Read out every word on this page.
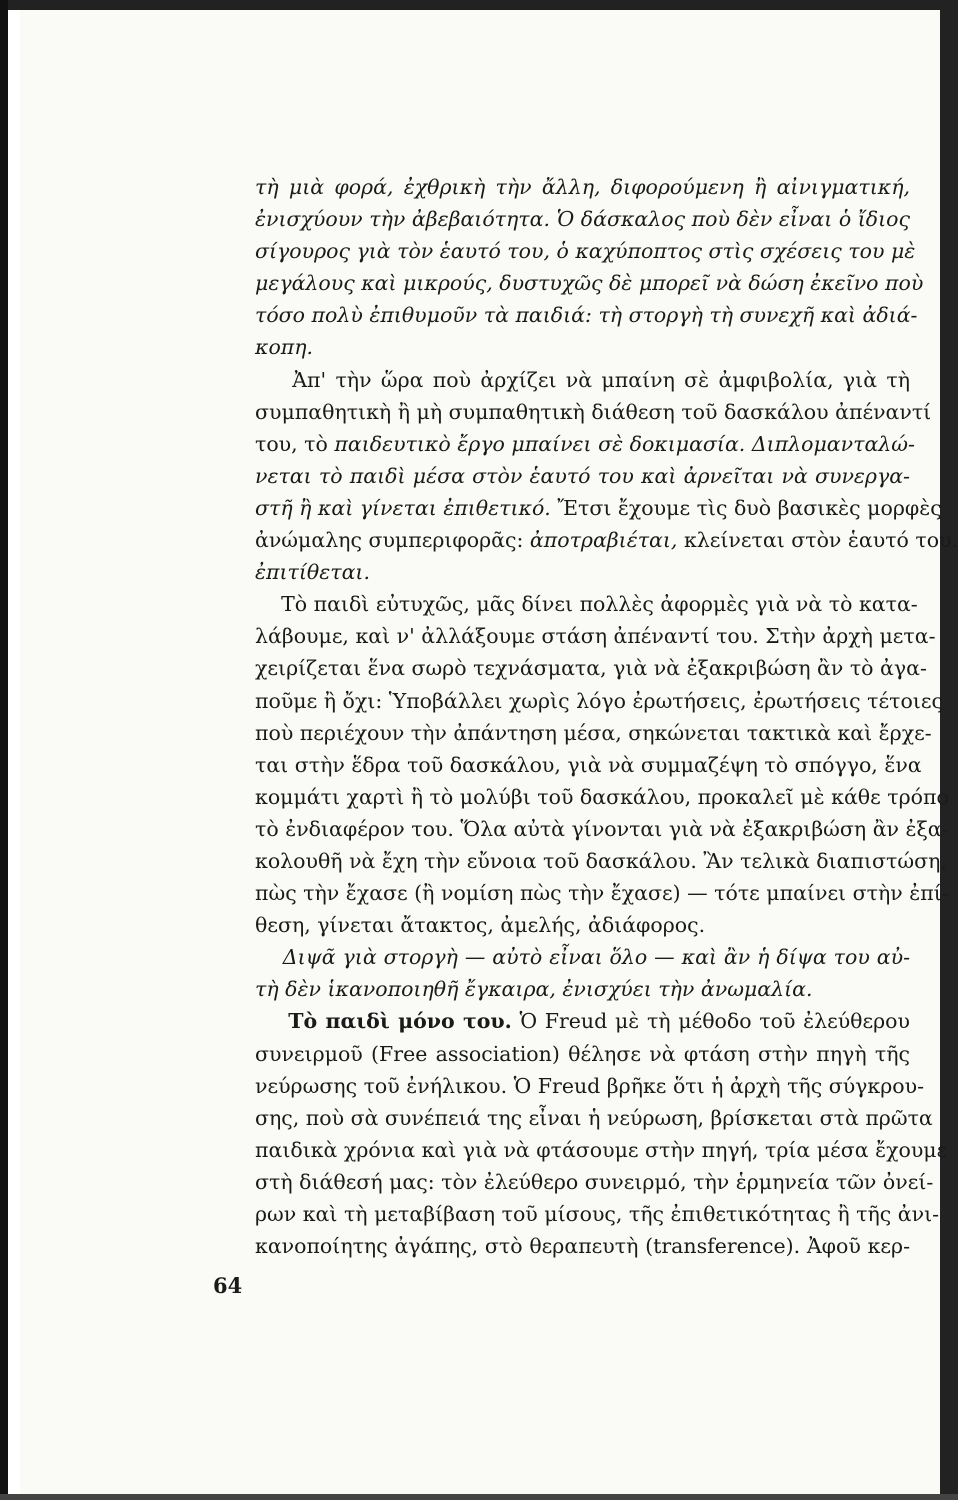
τὴ μιὰ φορά, ἐχθρικὴ τὴν ἄλλη, διφορούμενη ἢ αἰνιγματική,
ἐνισχύουν τὴν ἀβεβαιότητα. Ὁ δάσκαλος ποὺ δὲν εἶναι ὁ ἴδιος
σίγουρος γιὰ τὸν ἑαυτό του, ὁ καχύποπτος στὶς σχέσεις του μὲ
μεγάλους καὶ μικρούς, δυστυχῶς δὲ μπορεῖ νὰ δώση ἐκεῖνο ποὺ
τόσο πολὺ ἐπιθυμοῦν τὰ παιδιά: τὴ στοργὴ τὴ συνεχῆ καὶ ἀδιά-
κοπη.
Ἀπ' τὴν ὥρα ποὺ ἀρχίζει νὰ μπαίνη σὲ ἀμφιβολία, γιὰ τὴ
συμπαθητικὴ ἢ μὴ συμπαθητικὴ διάθεση τοῦ δασκάλου ἀπέναντί
του, τὸ παιδευτικὸ ἔργο μπαίνει σὲ δοκιμασία. Διπλομανταλώ-
νεται τὸ παιδὶ μέσα στὸν ἑαυτό του καὶ ἀρνεῖται νὰ συνεργα-
στῆ ἢ καὶ γίνεται ἐπιθετικό. Ἔτσι ἔχουμε τὶς δυὸ βασικὲς μορφὲς
ἀνώμαλης συμπεριφορᾶς: ἀποτραβιέται, κλείνεται στὸν ἑαυτό του.
ἐπιτίθεται.
Τὸ παιδὶ εὐτυχῶς, μᾶς δίνει πολλὲς ἀφορμὲς γιὰ νὰ τὸ κατα-
λάβουμε, καὶ ν' ἀλλάξουμε στάση ἀπέναντί του. Στὴν ἀρχὴ μετα-
χειρίζεται ἕνα σωρὸ τεχνάσματα, γιὰ νὰ ἐξακριβώση ἂν τὸ ἀγα-
ποῦμε ἢ ὄχι: Ὑποβάλλει χωρὶς λόγο ἐρωτήσεις, ἐρωτήσεις τέτοιες
ποὺ περιέχουν τὴν ἀπάντηση μέσα, σηκώνεται τακτικὰ καὶ ἔρχε-
ται στὴν ἕδρα τοῦ δασκάλου, γιὰ νὰ συμμαζέψη τὸ σπόγγο, ἕνα
κομμάτι χαρτὶ ἢ τὸ μολύβι τοῦ δασκάλου, προκαλεῖ μὲ κάθε τρόπο
τὸ ἐνδιαφέρον του. Ὅλα αὐτὰ γίνονται γιὰ νὰ ἐξακριβώση ἂν ἐξα-
κολουθῆ νὰ ἔχη τὴν εὔνοια τοῦ δασκάλου. Ἂν τελικὰ διαπιστώση,
πὼς τὴν ἔχασε (ἢ νομίση πὼς τὴν ἔχασε) — τότε μπαίνει στὴν ἐπί-
θεση, γίνεται ἄτακτος, ἀμελής, ἀδιάφορος.
Διψᾶ γιὰ στοργὴ — αὐτὸ εἶναι ὅλο — καὶ ἂν ἡ δίψα του αὐ-
τὴ δὲν ἱκανοποιηθῆ ἔγκαιρα, ἐνισχύει τὴν ἀνωμαλία.
Τὸ παιδὶ μόνο του. Ὁ Freud μὲ τὴ μέθοδο τοῦ ἐλεύθερου
συνειρμοῦ (Free association) θέλησε νὰ φτάση στὴν πηγὴ τῆς
νεύρωσης τοῦ ἐνήλικου. Ὁ Freud βρῆκε ὅτι ἡ ἀρχὴ τῆς σύγκρου-
σης, ποὺ σὰ συνέπειά της εἶναι ἡ νεύρωση, βρίσκεται στὰ πρῶτα
παιδικὰ χρόνια καὶ γιὰ νὰ φτάσουμε στὴν πηγή, τρία μέσα ἔχουμε
στὴ διάθεσή μας: τὸν ἐλεύθερο συνειρμό, τὴν ἑρμηνεία τῶν ὀνεί-
ρων καὶ τὴ μεταβίβαση τοῦ μίσους, τῆς ἐπιθετικότητας ἢ τῆς ἀνι-
κανοποίητης ἀγάπης, στὸ θεραπευτὴ (transference). Ἀφοῦ κερ-
64
